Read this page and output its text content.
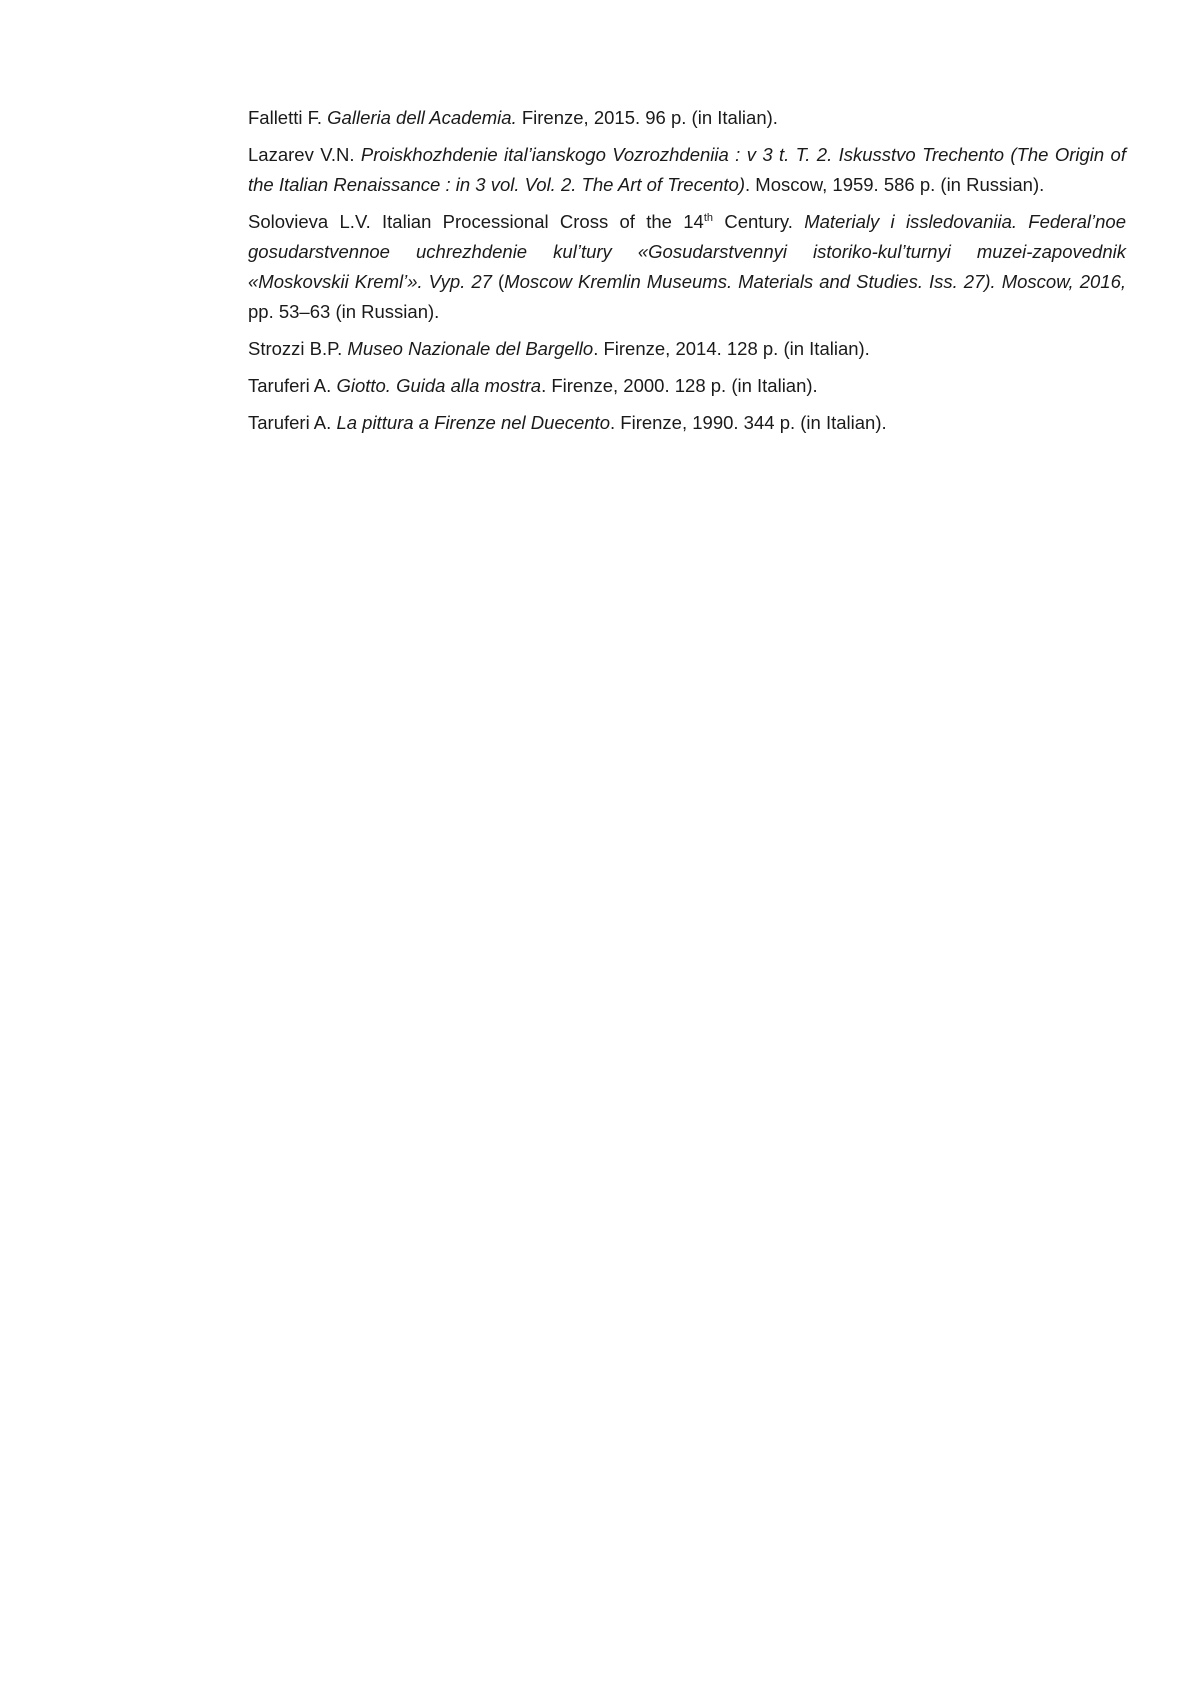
Falletti F. Galleria dell Academia. Firenze, 2015. 96 p. (in Italian).
Lazarev V.N. Proiskhozhdenie ital’ianskogo Vozrozhdeniia : v 3 t. T. 2. Iskusstvo Trechento (The Origin of the Italian Renaissance : in 3 vol. Vol. 2. The Art of Trecento). Moscow, 1959. 586 p. (in Russian).
Solovieva L.V. Italian Processional Cross of the 14th Century. Materialy i issledovaniia. Federal’noe gosudarstvennoe uchrezhdenie kul’tury «Gosudarstvennyi istoriko-kul’turnyi muzei-zapovednik «Moskovskii Kreml’». Vyp. 27 (Moscow Kremlin Museums. Materials and Studies. Iss. 27). Moscow, 2016, pp. 53–63 (in Russian).
Strozzi B.P. Museo Nazionale del Bargello. Firenze, 2014. 128 p. (in Italian).
Taruferi A. Giotto. Guida alla mostra. Firenze, 2000. 128 p. (in Italian).
Taruferi A. La pittura a Firenze nel Duecento. Firenze, 1990. 344 p. (in Italian).
